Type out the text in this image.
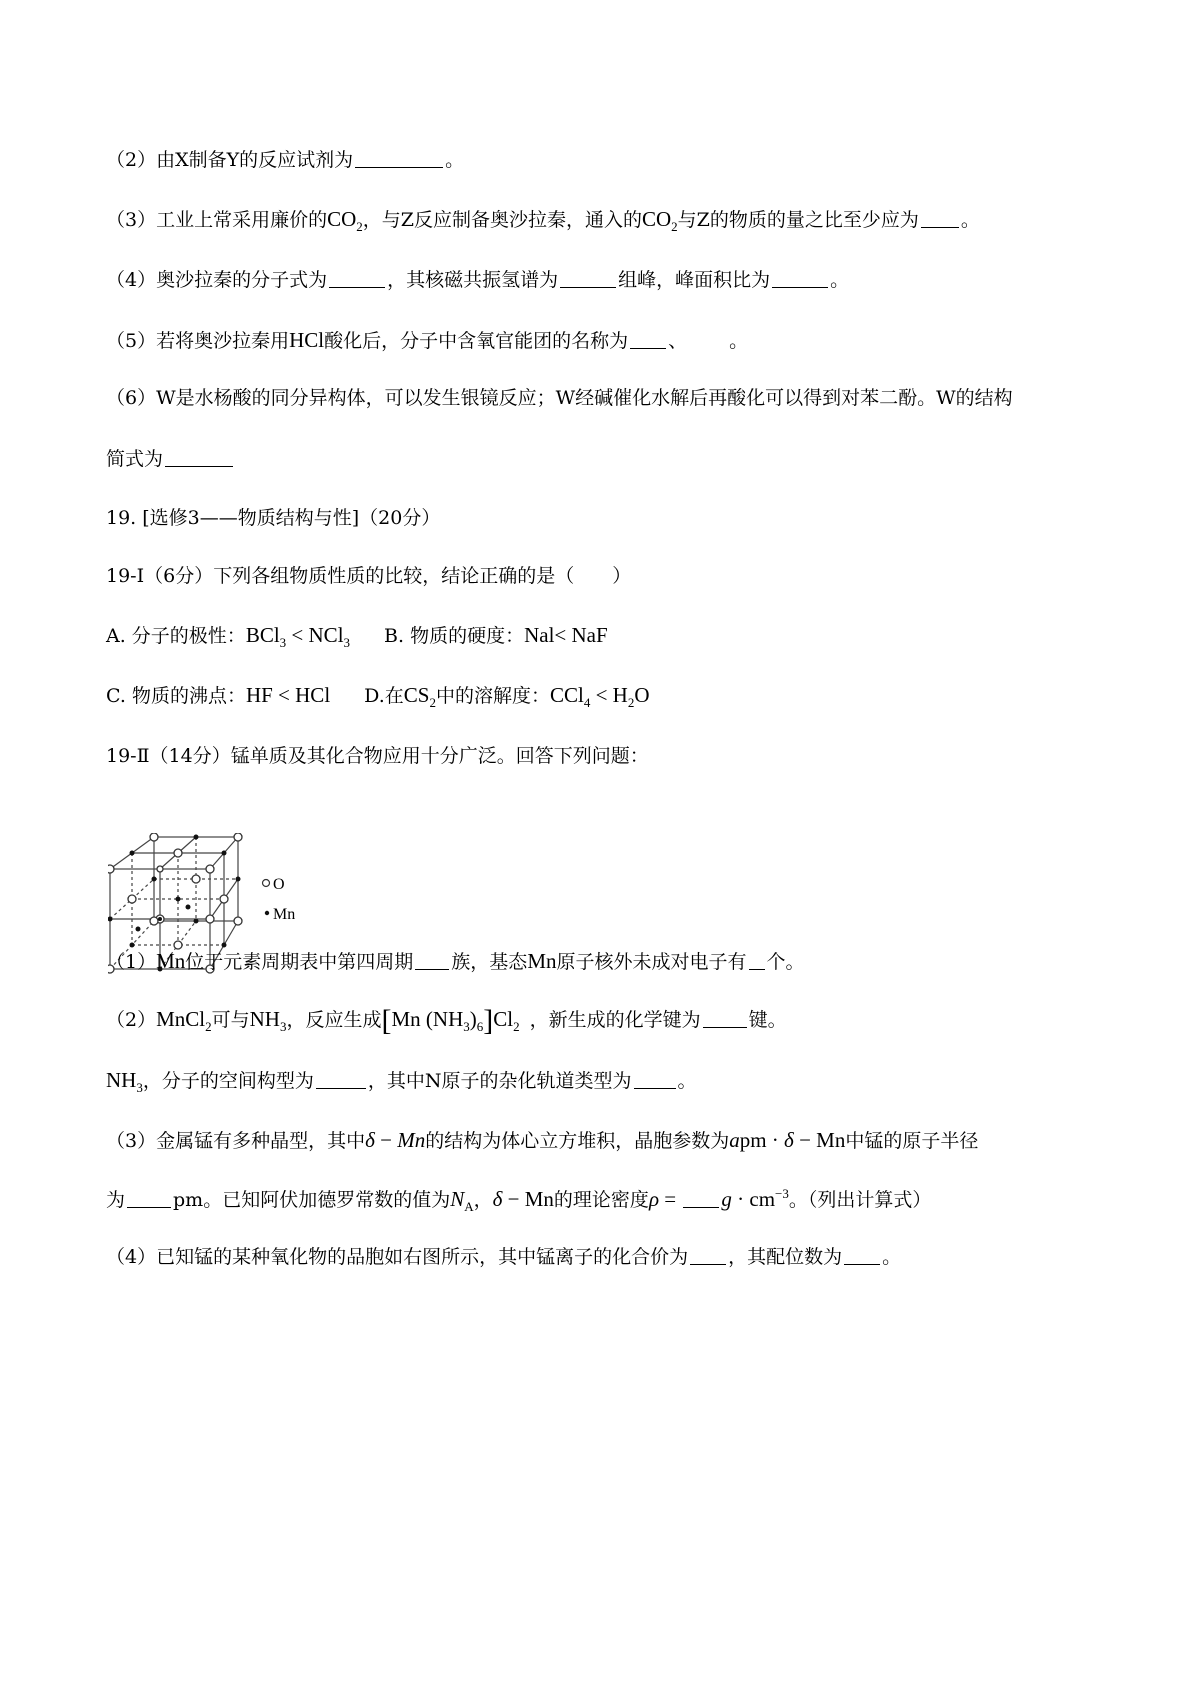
（2）由X制备Y的反应试剂为	。
（3）工业上常采用廉价的$CO_2$，与Z反应制备奥沙拉秦，通入的$CO_2$与Z的物质的量之比至少应为 。
（4）奥沙拉秦的分子式为	，其核磁共振氢谱为	组峰，峰面积比为	。
（5）若将奥沙拉秦用HCl酸化后，分子中含氧官能团的名称为 、 。
（6）W是水杨酸的同分异构体，可以发生银镜反应；W经碱催化水解后再酸化可以得到对苯二酚。W的结构
简式为
19. [选修3——物质结构与性]（20分）
19-Ⅰ（6分）下列各组物质性质的比较，结论正确的是（　　）
A. 分子的极性：BCl$_3$ < NCl$_3$ B. 物质的硬度：Nal< NaF
C. 物质的沸点：HF < HCl D.在$CS_2$中的溶解度：$CCl_4 < H_2O$
19-Ⅱ（14分）锰单质及其化合物应用十分广泛。回答下列问题：
O
Mn
（1）Mn位于元素周期表中第四周期 族，基态Mn原子核外未成对电子有 个。
（2）MnCl$_2$可与$NH_3$，反应生成[Mn $(NH_3)_6]Cl_2$ ，新生成的化学键为	键。
$NH_3$，分子的空间构型为	，其中N原子的杂化轨道类型为 。
（3）金属锰有多种晶型，其中δ − Mn的结构为体心立方堆积，晶胞参数为apm · δ − Mn中锰的原子半径
为	pm。已知阿伏加德罗常数的值为$N_A$，δ − Mn的理论密度$\rho = g \cdot cm^{-3}$。（列出计算式）
（4）已知锰的某种氧化物的品胞如右图所示，其中锰离子的化合价为 ，其配位数为 。
